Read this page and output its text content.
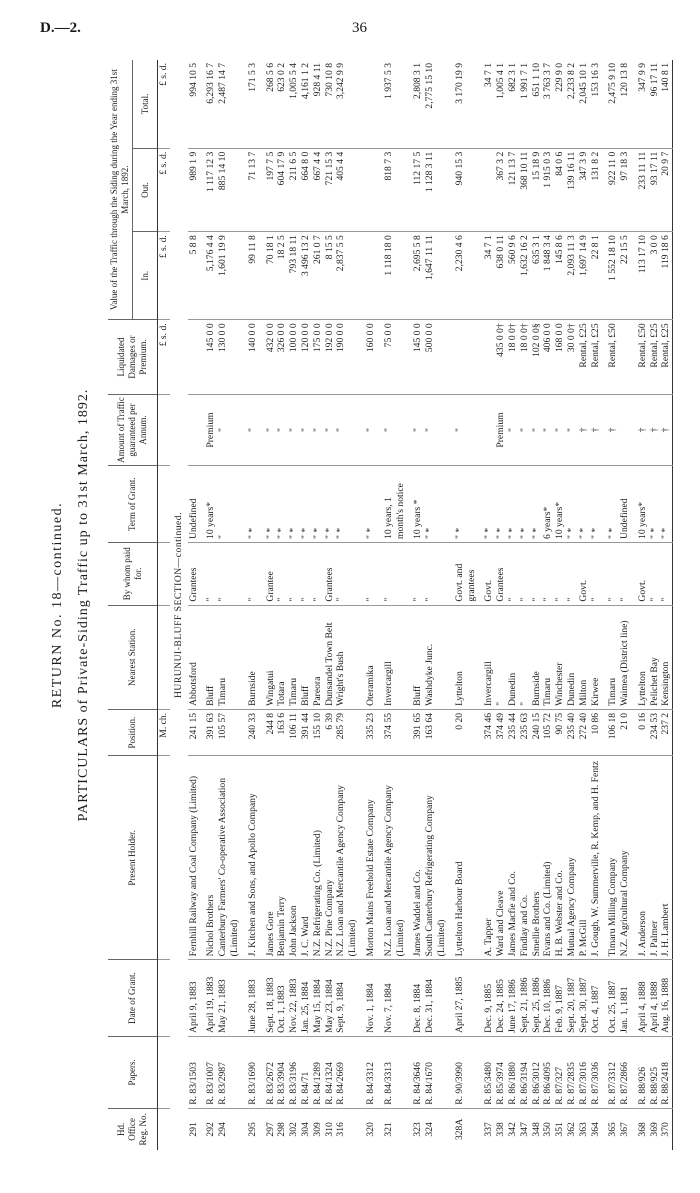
D.—2.	36
RETURN No. 18—continued. PARTICULARS of Private-Siding Traffic up to 31st March, 1892.
Hd. Office Reg. No.	Papers.	Date of Grant.	Present Holder.	Position.	Nearest Station.	By whom paid for.	Term of Grant.	Amount of Traffic guaranteed per Annum.	Liquidated Damages or Premium.	Value of the Traffic through the Siding during the Year ending 31st March, 1892.		
										In.	Out.	Total.
				M. ch.					£ s. d.	£ s. d.	£ s. d.	£ s. d.
HURUNUI-BLUFF SECTION—continued.												
291	R. 83/1503	April 9, 1883	Fernhill Railway and Coal Company (Limited)	241 15	Abbotsford	Grantees	Undefined			5 8 8	989 1 9	994 10 5
292	R. 83/1007	April 19, 1883	Nichol Brothers	391 63	Bluff	"	10 years*	Premium	145 0 0	5,176 4 4	1 117 12 3	6,293 16 7
294	R. 83/2987	May 21, 1883	Canterbury Farmers' Co-operative Association (Limited)	105 57	Timaru	"	"	"	130 0 0	1,601 19 9	885 14 10	2,487 14 7
295	R. 83/1690	June 28, 1883	J. Kitchen and Sons, and Apollo Company	240 33	Burnside	"	" *	"	140 0 0	99 11 8	71 13 7	171 5 3
297	R. 83/2672	Sept. 18, 1883	James Gore	244 8	Wingatui	Grantee	" *	"	432 0 0	70 18 1	197 7 5	268 5 6
298	R. 83/3904	Oct. 1, 1883	Benjamin Terry	163 6	Totara	"	" *	"	326 0 0	18 2 5	604 17 9	623 0 2
302	R. 83/3196	Nov. 22, 1883	John Jackson	106 11	Timaru	"	" *	"	100 0 0	793 18 11	211 6 5	1,005 5 4
304	R. 84/71	Jan. 25, 1884	J. C. Ward	391 44	Bluff	"	" *	"	120 0 0	3 496 13 2	664 8 0	4,161 1 2
309	R. 84/1289	May 15, 1884	N.Z. Refrigerating Co. (Limited)	155 10	Pareora	"	" *	"	175 0 0	261 0 7	667 4 4	928 4 11
310	R. 84/1324	May 23, 1884	N.Z. Pine Company	6 39	Dunsandel Town Belt	Grantees	" *	"	192 0 0	8 15 5	721 15 3	730 10 8
316	R. 84/2669	Sept. 9, 1884	N.Z. Loan and Mercantile Agency Company (Limited)	285 79	Wright's Bush	"	" *	"	190 0 0	2,837 5 5	405 4 4	3,242 9 9
320	R. 84/3312	Nov. 1, 1884	Morton Mains Freehold Estate Company	335 23	Oteramika	"	" *	"	160 0 0			
321	R. 84/3313	Nov. 7, 1884	N.Z. Loan and Mercantile Agency Company (Limited)	374 55	Invercargill	"	10 years, 1 month's notice	"	75 0 0	1 118 18 0	818 7 3	1 937 5 3
323	R. 84/3646	Dec. 8, 1884	James Waddel and Co.	391 65	Bluff	"	10 years *	"	145 0 0	2,695 5 8	112 17 5	2,808 3 1
324	R. 84/1670	Dec. 31, 1884	South Canterbury Refrigerating Company (Limited)	163 64	Washdyke Junc.	"	" *	"	500 0 0	1,647 11 11	1 128 3 11	2,775 15 10
328A	R. 90/3990	April 27, 1885	Lyttelton Harbour Board	0 20	Lyttelton	Govt. and grantees	" *	"		2,230 4 6	940 15 3	3 170 19 9
337	R. 85/3480	Dec. 9, 1885	A. Tapper	374 46	Invercargill	Govt.	" *			34 7 1		34 7 1
338	R. 85/3974	Dec. 24, 1885	Ward and Cleave	374 49	"	Grantees	" *	Premium	435 0 0†	638 0 11	367 3 2	1,005 4 1
342	R. 86/1880	June 17, 1886	James Macfie and Co.	235 44	Dunedin	"	" *	"	18 0 0†	560 9 6	121 13 7	682 3 1
347	R. 86/3194	Sept. 21, 1886	Findlay and Co.	235 63	"	"	" *	"	18 0 0†	1,632 16 2	368 10 11	1 991 7 1
348	R. 86/3012	Sept. 25, 1886	Smellie Brothers	240 15	Burnside	"	" *	"	102 0 0§	635 3 1	15 18 9	651 1 10
350	R. 86/4095	Dec. 10, 1886	Evans and Co. (Limited)	105 72	Timaru	"	6 years*	"	406 0 0	1 848 3 4	1 915 0 3	3 763 3 7
351	R. 87/327	Feb. 9, 1887	H. B. Webster and Co.	90 75	Winchester	"	10 years*	"	168 0 0	145 8 6	84 0 6	229 9 0
362	R. 87/2835	Sept. 20, 1887	Mutual Agency Company	235 40	Dunedin	"	" *	"	30 0 0†	2,093 11 3	139 16 11	2,233 8 2
363	R. 87/3016	Sept. 30, 1887	P. McGill	272 40	Milton	Govt.	" *	†	Rental, £25	1,697 14 9	347 3 9	2,045 10 1
364	R. 87/3036	Oct. 4, 1887	J. Gough, W. Summerville, R. Kemp, and H. Fentz	10 86	Kirwee	"	" *	†	Rental, £25	22 8 1	131 8 2	153 16 3
365	R. 87/3312	Oct. 25, 1887	Timaru Milling Company	106 18	Timaru	"	" *	†	Rental, £50	1 552 18 10	922 11 0	2,475 9 10
367	R. 87/2866	Jan. 1, 1881	N.Z. Agricultural Company	21 0	Waimea (District line)	"	Undefined			22 15 5	97 18 3	120 13 8
368	R. 88/926	April 4, 1888	J. Anderson	0 16	Lyttelton	Govt.	10 years*	†	Rental, £50	113 17 10	233 11 11	347 9 9
369	R. 88/925	April 4, 1888	J. Palmer	234 53	Pelichet Bay	"	" *	†	Rental, £25	3 0 0	93 17 11	96 17 11
370	R. 88/2418	Aug. 16, 1888	J. H. Lambert	237 2	Kensington	"	" *	†	Rental, £25	119 18 6	20 9 7	140 8 1
